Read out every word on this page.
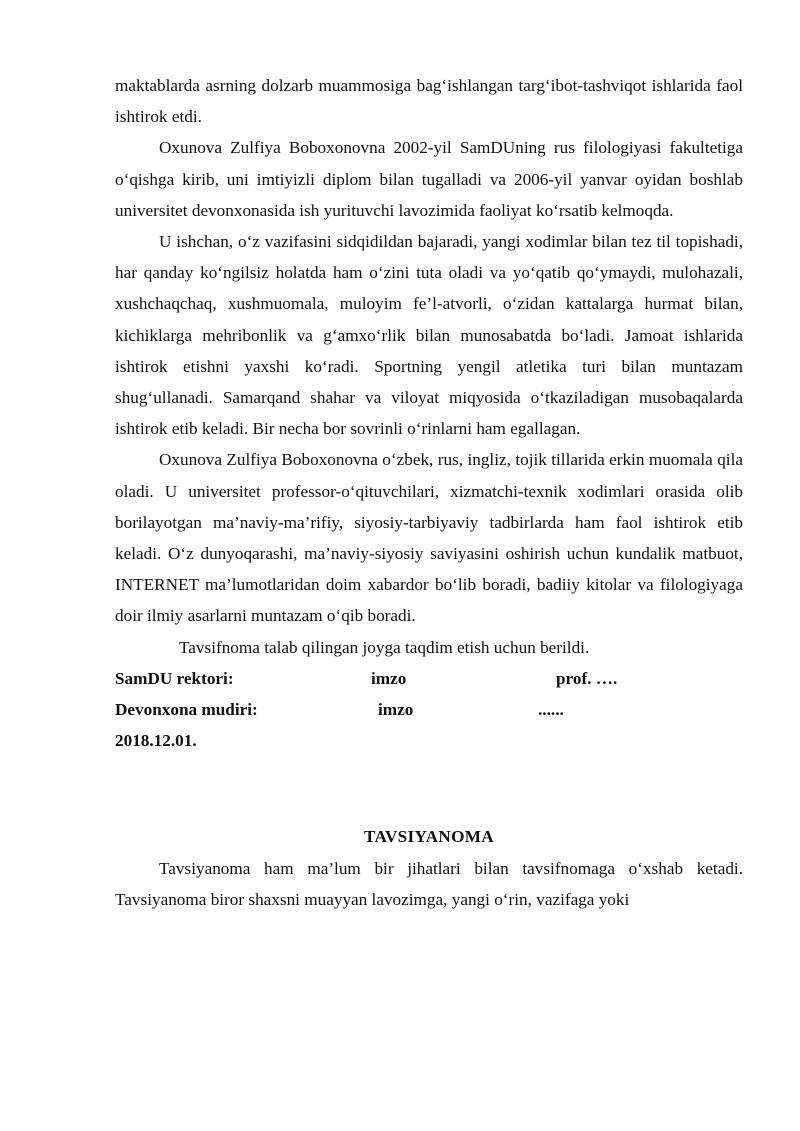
maktablarda asrning dolzarb muammosiga bag‘ishlangan targ‘ibot-tashviqot ishlarida faol ishtirok etdi.

Oxunova Zulfiya Boboxonovna 2002-yil SamDUning rus filologiyasi fakultetiga o‘qishga kirib, uni imtiyizli diplom bilan tugalladi va 2006-yil yanvar oyidan boshlab universitet devonxonasida ish yurituvchi lavozimida faoliyat ko‘rsatib kelmoqda.

U ishchan, o‘z vazifasini sidqidildan bajaradi, yangi xodimlar bilan tez til topishadi, har qanday ko‘ngilsiz holatda ham o‘zini tuta oladi va yo‘qatib qo‘ymaydi, mulohazali, xushchaqchaq, xushmuomala, muloyim fe’l-atvorli, o‘zidan kattalarga hurmat bilan, kichiklarga mehribonlik va g‘amxo‘rlik bilan munosabatda bo‘ladi. Jamoat ishlarida ishtirok etishni yaxshi ko‘radi. Sportning yengil atletika turi bilan muntazam shug‘ullanadi. Samarqand shahar va viloyat miqyosida o‘tkaziladigan musobaqalarda ishtirok etib keladi. Bir necha bor sovrinli o‘rinlarni ham egallagan.

Oxunova Zulfiya Boboxonovna o‘zbek, rus, ingliz, tojik tillarida erkin muomala qila oladi. U universitet professor-o‘qituvchilari, xizmatchi-texnik xodimlari orasida olib borilayotgan ma’naviy-ma’rifiy, siyosiy-tarbiyaviy tadbirlarda ham faol ishtirok etib keladi. O‘z dunyoqarashi, ma’naviy-siyosiy saviyasini oshirish uchun kundalik matbuot, INTERNET ma’lumotlaridan doim xabardor bo‘lib boradi, badiiy kitolar va filologiyaga doir ilmiy asarlarni muntazam o‘qib boradi.

Tavsifnoma talab qilingan joyga taqdim etish uchun berildi.

SamDU rektori:	imzo	prof. ….
Devonxona mudiri:	imzo	......

2018.12.01.

TAVSIYANOMA

Tavsiyanoma ham ma’lum bir jihatlari bilan tavsifnomaga o‘xshab ketadi. Tavsiyanoma biror shaxsni muayyan lavozimga, yangi o‘rin, vazifaga yoki
